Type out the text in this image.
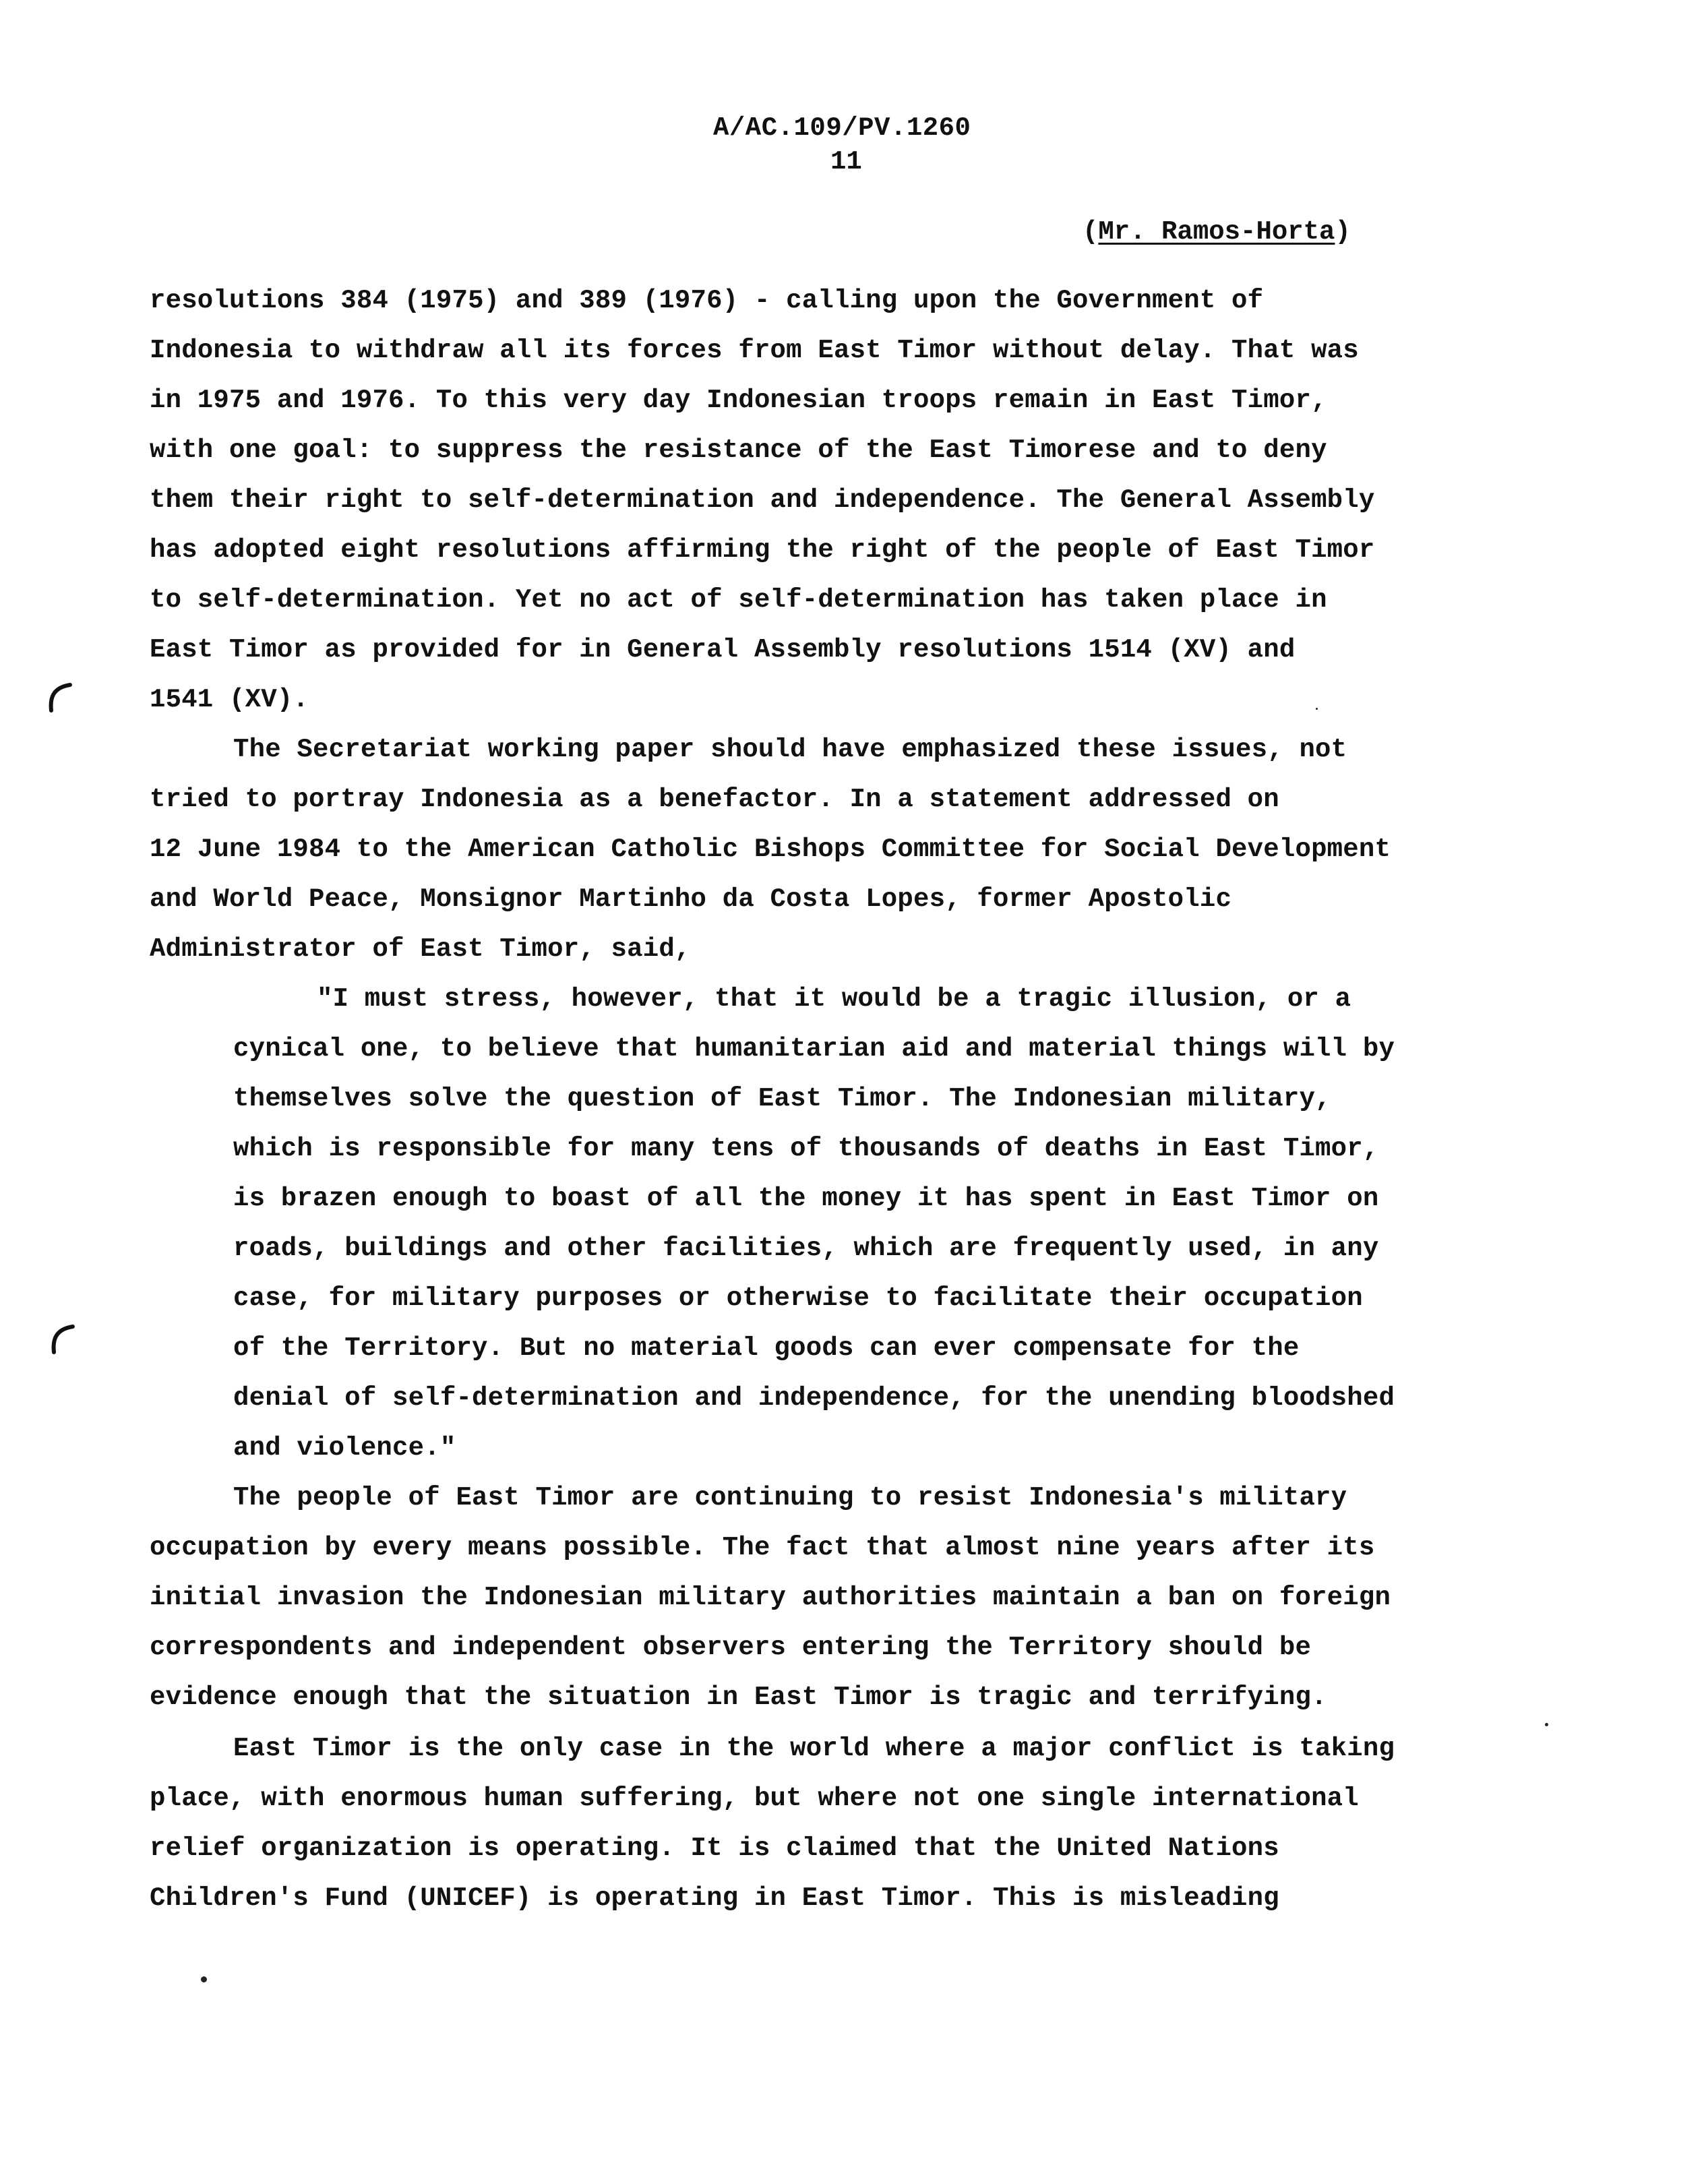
A/AC.109/PV.1260
11
(Mr. Ramos-Horta)
resolutions 384 (1975) and 389 (1976) - calling upon the Government of
Indonesia to withdraw all its forces from East Timor without delay. That was
in 1975 and 1976. To this very day Indonesian troops remain in East Timor,
with one goal: to suppress the resistance of the East Timorese and to deny
them their right to self-determination and independence. The General Assembly
has adopted eight resolutions affirming the right of the people of East Timor
to self-determination. Yet no act of self-determination has taken place in
East Timor as provided for in General Assembly resolutions 1514 (XV) and
1541 (XV).
The Secretariat working paper should have emphasized these issues, not
tried to portray Indonesia as a benefactor. In a statement addressed on
12 June 1984 to the American Catholic Bishops Committee for Social Development
and World Peace, Monsignor Martinho da Costa Lopes, former Apostolic
Administrator of East Timor, said,
"I must stress, however, that it would be a tragic illusion, or a
cynical one, to believe that humanitarian aid and material things will by
themselves solve the question of East Timor. The Indonesian military,
which is responsible for many tens of thousands of deaths in East Timor,
is brazen enough to boast of all the money it has spent in East Timor on
roads, buildings and other facilities, which are frequently used, in any
case, for military purposes or otherwise to facilitate their occupation
of the Territory. But no material goods can ever compensate for the
denial of self-determination and independence, for the unending bloodshed
and violence."
The people of East Timor are continuing to resist Indonesia's military
occupation by every means possible. The fact that almost nine years after its
initial invasion the Indonesian military authorities maintain a ban on foreign
correspondents and independent observers entering the Territory should be
evidence enough that the situation in East Timor is tragic and terrifying.
East Timor is the only case in the world where a major conflict is taking
place, with enormous human suffering, but where not one single international
relief organization is operating. It is claimed that the United Nations
Children's Fund (UNICEF) is operating in East Timor. This is misleading
